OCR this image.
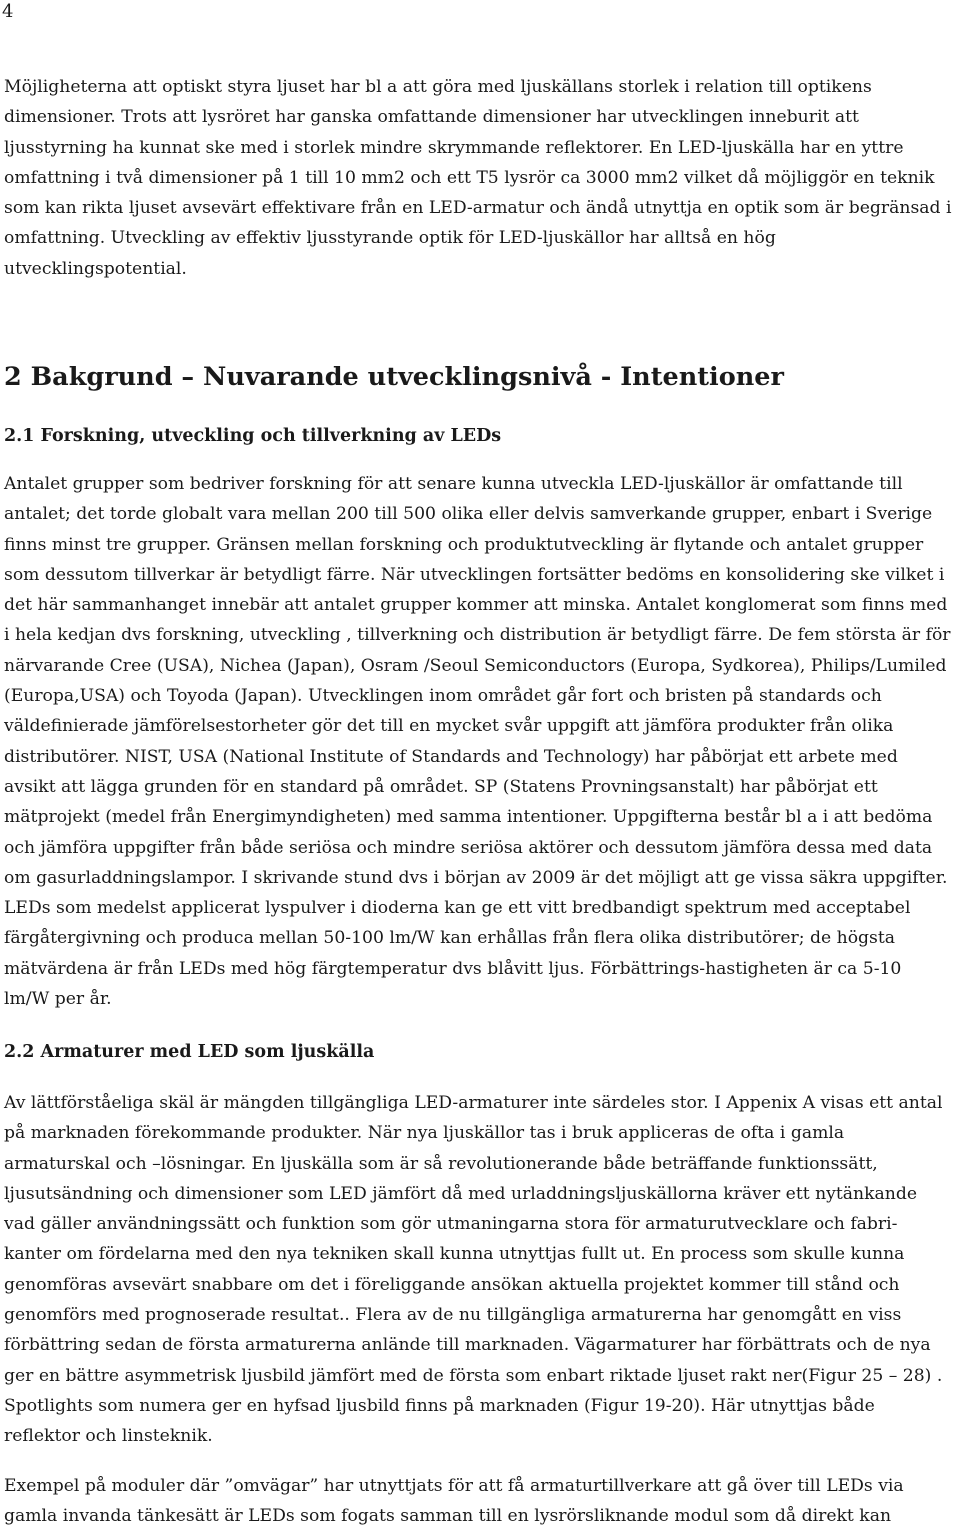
4

Möjligheterna att optiskt styra ljuset har bl a att göra med ljuskällans storlek i relation till optikens dimensioner. Trots att lysröret har ganska omfattande dimensioner har utvecklingen inneburit att ljusstyrning ha kunnat ske med i storlek mindre skrymmande reflektorer. En LED-ljuskälla har en yttre omfattning i två dimensioner på 1 till 10 mm2 och ett T5 lysrör ca 3000 mm2 vilket då möjliggör en teknik som kan rikta ljuset avsevärt effektivare från en LED-armatur och ändå utnyttja en optik som är begränsad i omfattning. Utveckling av effektiv ljusstyrande optik för LED-ljuskällor har alltså en hög utvecklingspotential.

2 Bakgrund – Nuvarande utvecklingsnivå - Intentioner
2.1 Forskning, utveckling och tillverkning av LEDs

Antalet grupper som bedriver forskning för att senare kunna utveckla LED-ljuskällor är omfattande till antalet; det torde globalt vara mellan 200 till 500 olika eller delvis samverkande grupper, enbart i Sverige finns minst tre grupper. Gränsen mellan forskning och produktutveckling är flytande och antalet grupper som dessutom tillverkar är betydligt färre. När utvecklingen fortsätter bedöms en konsolidering ske vilket i det här sammanhanget innebär att antalet grupper kommer att minska. Antalet konglomerat som finns med i hela kedjan dvs forskning, utveckling , tillverkning och distribution är betydligt färre. De fem största är för närvarande Cree (USA), Nichea (Japan), Osram /Seoul Semiconductors (Europa, Sydkorea), Philips/Lumiled (Europa,USA) och Toyoda (Japan). Utvecklingen inom området går fort och bristen på standards och väldefinierade jämförelsestorheter gör det till en mycket svår uppgift att jämföra produkter från olika distributörer. NIST, USA (National Institute of Standards and Technology) har påbörjat ett arbete med avsikt att lägga grunden för en standard på området. SP (Statens Provningsanstalt) har påbörjat ett mätprojekt (medel från Energimyndigheten) med samma intentioner. Uppgifterna består bl a i att bedöma och jämföra uppgifter från både seriösa och mindre seriösa aktörer och dessutom jämföra dessa med data om gasurladdningslampor. I skrivande stund dvs i början av 2009 är det möjligt att ge vissa säkra uppgifter. LEDs som medelst applicerat lyspulver i dioderna kan ge ett vitt bredbandigt spektrum med acceptabel färgåtergivning och produca mellan 50-100 lm/W kan erhållas från flera olika distributörer; de högsta mätvärdena är från LEDs med hög färgtemperatur dvs blåvitt ljus. Förbättrings-hastigheten är ca 5-10 lm/W per år.

2.2 Armaturer med LED som ljuskälla

Av lättförståeliga skäl är mängden tillgängliga LED-armaturer inte särdeles stor. I Appenix A visas ett antal på marknaden förekommande produkter. När nya ljuskällor tas i bruk appliceras de ofta i gamla armaturskal och –lösningar. En ljuskälla som är så revolutionerande både beträffande funktionssätt, ljusutsändning och dimensioner som LED jämfört då med urladdningsljuskällorna kräver ett nytänkande vad gäller användningssätt och funktion som gör utmaningarna stora för armaturutvecklare och fabri-kanter om fördelarna med den nya tekniken skall kunna utnyttjas fullt ut. En process som skulle kunna genomföras avsevärt snabbare om det i föreliggande ansökan aktuella projektet kommer till stånd och genomförs med prognoserade resultat.. Flera av de nu tillgängliga armaturerna har genomgått en viss förbättring sedan de första armaturerna anlände till marknaden. Vägarmaturer har förbättrats och de nya ger en bättre asymmetrisk ljusbild jämfört med de första som enbart riktade ljuset rakt ner(Figur 25 – 28) . Spotlights som numera ger en hyfsad ljusbild finns på marknaden (Figur 19-20). Här utnyttjas både reflektor och linsteknik.

Exempel på moduler där ”omvägar” har utnyttjats för att få armaturtillverkare att gå över till LEDs via gamla invanda tänkesätt är LEDs som fogats samman till en lysrörsliknande modul som då direkt kan
